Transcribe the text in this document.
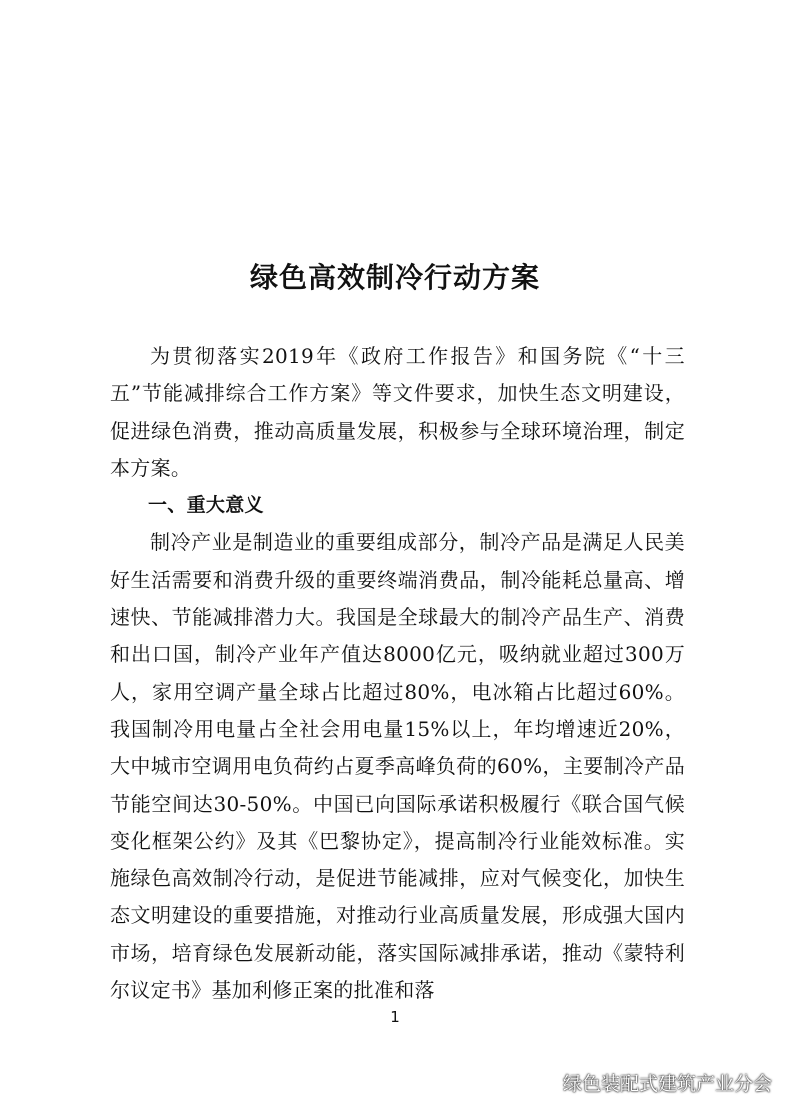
绿色高效制冷行动方案

为贯彻落实2019年《政府工作报告》和国务院《“十三五”节能减排综合工作方案》等文件要求，加快生态文明建设，促进绿色消费，推动高质量发展，积极参与全球环境治理，制定本方案。

一、重大意义

制冷产业是制造业的重要组成部分，制冷产品是满足人民美好生活需要和消费升级的重要终端消费品，制冷能耗总量高、增速快、节能减排潜力大。我国是全球最大的制冷产品生产、消费和出口国，制冷产业年产值达8000亿元，吸纳就业超过300万人，家用空调产量全球占比超过80%，电冰箱占比超过60%。我国制冷用电量占全社会用电量15%以上，年均增速近20%，大中城市空调用电负荷约占夏季高峰负荷的60%，主要制冷产品节能空间达30-50%。中国已向国际承诺积极履行《联合国气候变化框架公约》及其《巴黎协定》，提高制冷行业能效标准。实施绿色高效制冷行动，是促进节能减排，应对气候变化，加快生态文明建设的重要措施，对推动行业高质量发展，形成强大国内市场，培育绿色发展新动能，落实国际减排承诺，推动《蒙特利尔议定书》基加利修正案的批准和落

1

绿色装配式建筑产业分会
